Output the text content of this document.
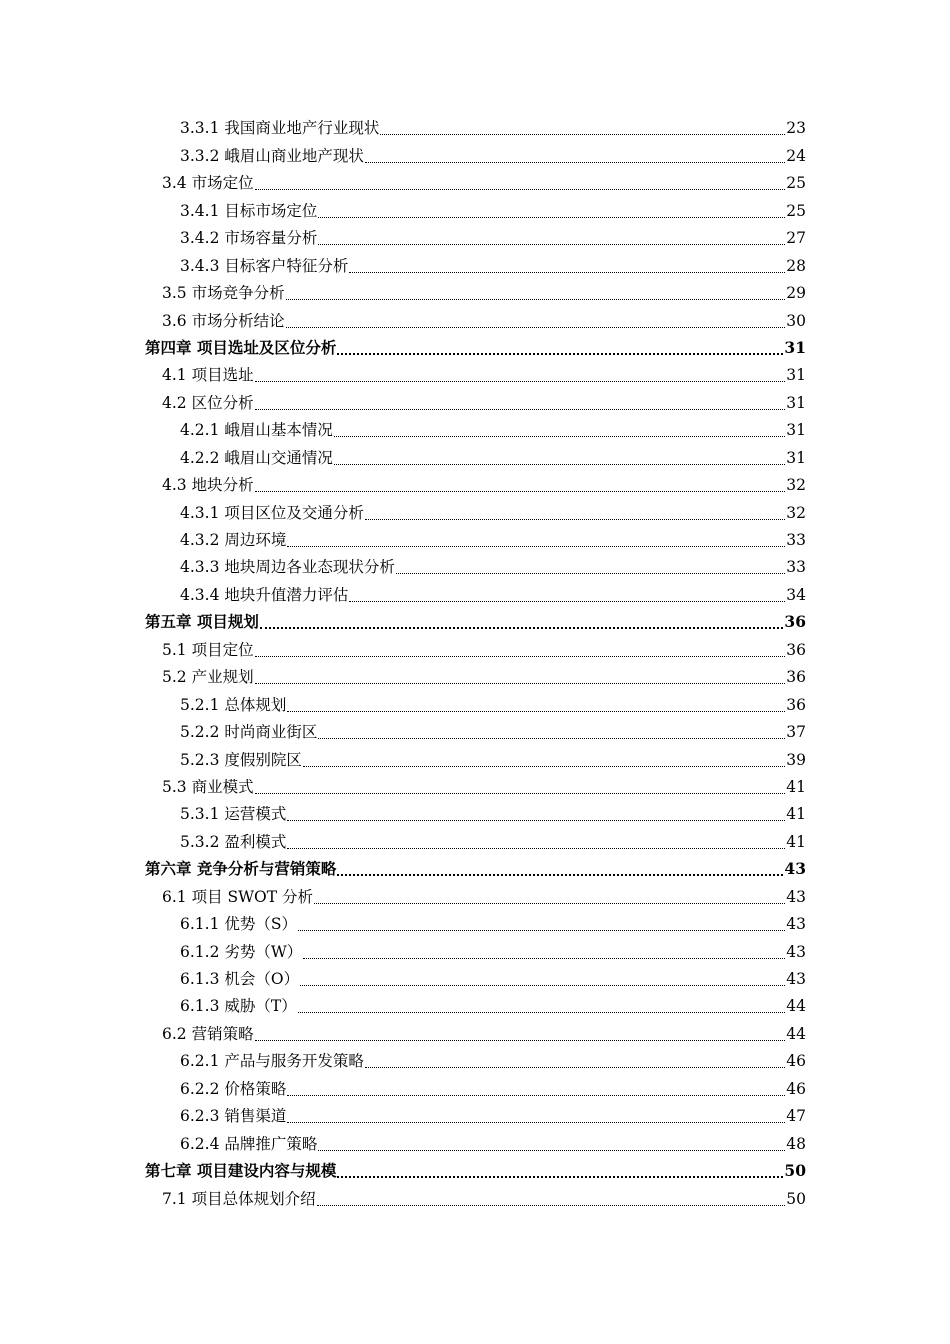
3.3.1 我国商业地产行业现状	23
3.3.2 峨眉山商业地产现状	24
3.4 市场定位	25
3.4.1 目标市场定位	25
3.4.2 市场容量分析	27
3.4.3 目标客户特征分析	28
3.5 市场竞争分析	29
3.6 市场分析结论	30
第四章 项目选址及区位分析	31
4.1 项目选址	31
4.2 区位分析	31
4.2.1 峨眉山基本情况	31
4.2.2 峨眉山交通情况	31
4.3 地块分析	32
4.3.1 项目区位及交通分析	32
4.3.2 周边环境	33
4.3.3 地块周边各业态现状分析	33
4.3.4 地块升值潜力评估	34
第五章 项目规划	36
5.1 项目定位	36
5.2 产业规划	36
5.2.1 总体规划	36
5.2.2 时尚商业街区	37
5.2.3 度假别院区	39
5.3 商业模式	41
5.3.1 运营模式	41
5.3.2 盈利模式	41
第六章 竞争分析与营销策略	43
6.1 项目 SWOT 分析	43
6.1.1 优势（S）	43
6.1.2 劣势（W）	43
6.1.3 机会（O）	43
6.1.3 威胁（T）	44
6.2 营销策略	44
6.2.1 产品与服务开发策略	46
6.2.2 价格策略	46
6.2.3 销售渠道	47
6.2.4 品牌推广策略	48
第七章 项目建设内容与规模	50
7.1 项目总体规划介绍	50
